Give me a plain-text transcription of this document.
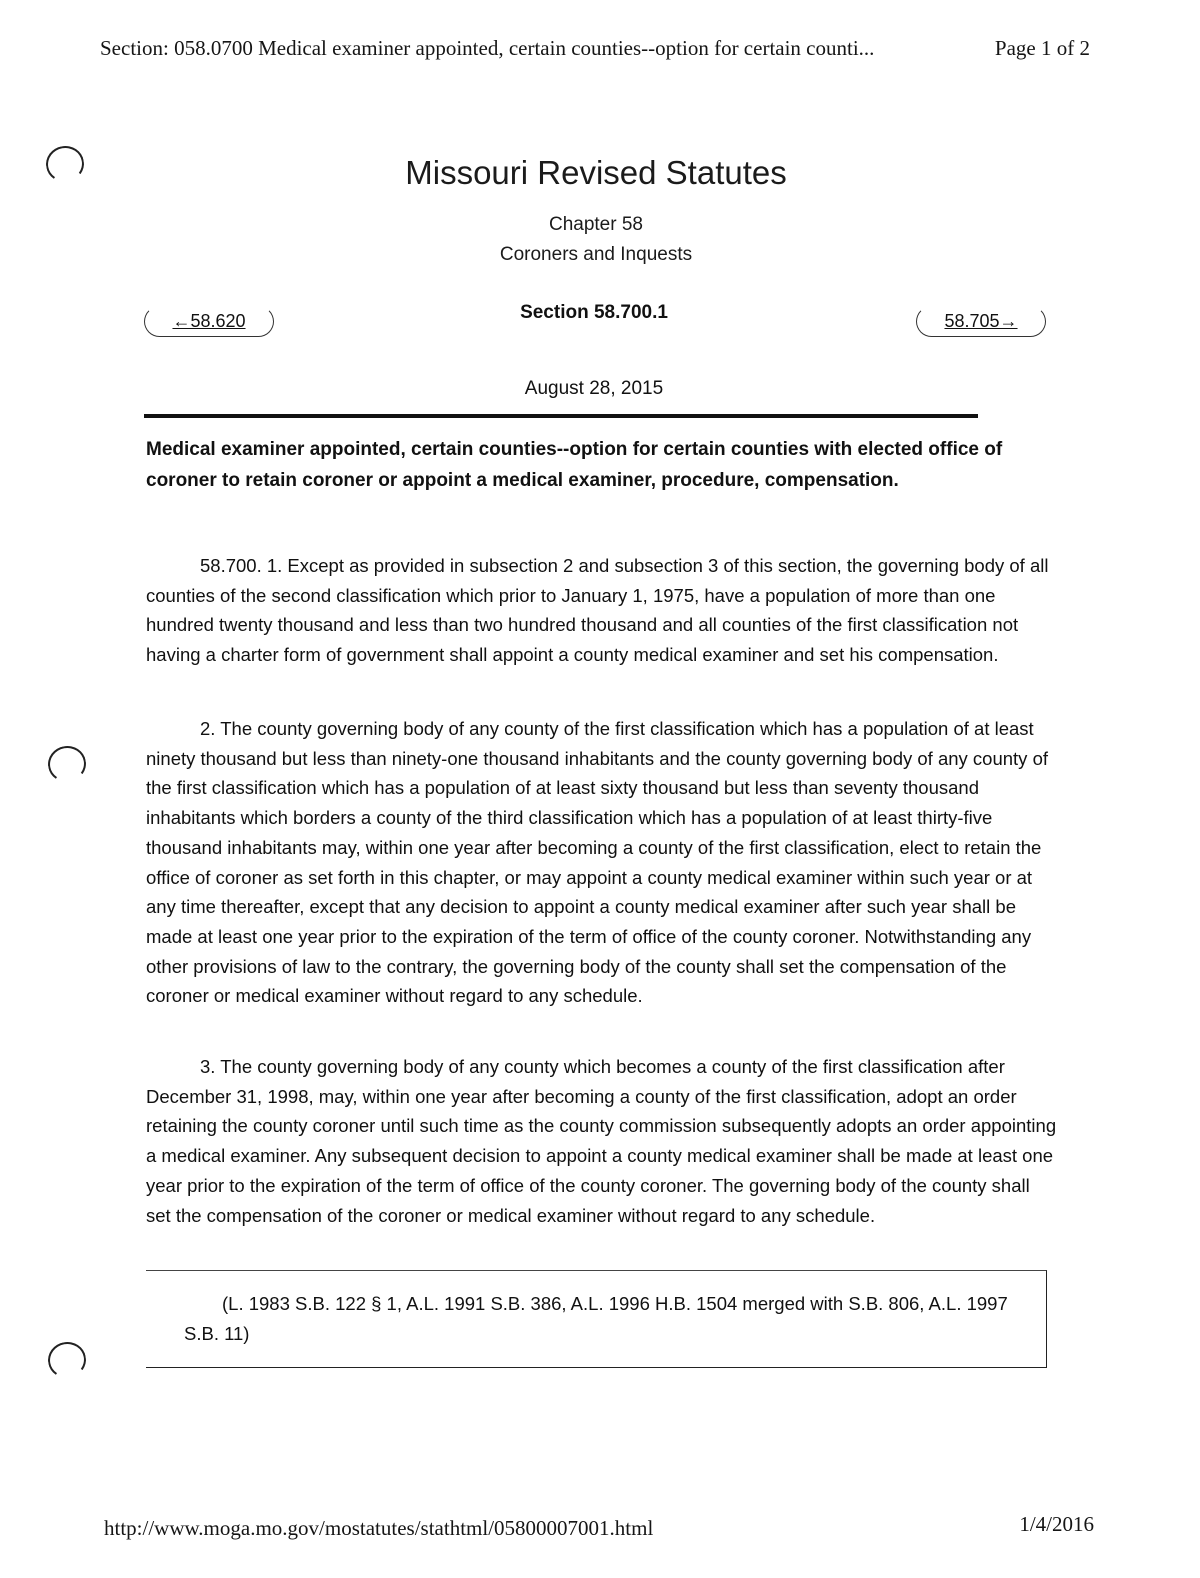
Section: 058.0700 Medical examiner appointed, certain counties--option for certain counti...	Page 1 of 2
Missouri Revised Statutes
Chapter 58
Coroners and Inquests
←58.620	Section 58.700.1	58.705→
August 28, 2015
Medical examiner appointed, certain counties--option for certain counties with elected office of coroner to retain coroner or appoint a medical examiner, procedure, compensation.

58.700. 1. Except as provided in subsection 2 and subsection 3 of this section, the governing body of all counties of the second classification which prior to January 1, 1975, have a population of more than one hundred twenty thousand and less than two hundred thousand and all counties of the first classification not having a charter form of government shall appoint a county medical examiner and set his compensation.

2. The county governing body of any county of the first classification which has a population of at least ninety thousand but less than ninety-one thousand inhabitants and the county governing body of any county of the first classification which has a population of at least sixty thousand but less than seventy thousand inhabitants which borders a county of the third classification which has a population of at least thirty-five thousand inhabitants may, within one year after becoming a county of the first classification, elect to retain the office of coroner as set forth in this chapter, or may appoint a county medical examiner within such year or at any time thereafter, except that any decision to appoint a county medical examiner after such year shall be made at least one year prior to the expiration of the term of office of the county coroner. Notwithstanding any other provisions of law to the contrary, the governing body of the county shall set the compensation of the coroner or medical examiner without regard to any schedule.

3. The county governing body of any county which becomes a county of the first classification after December 31, 1998, may, within one year after becoming a county of the first classification, adopt an order retaining the county coroner until such time as the county commission subsequently adopts an order appointing a medical examiner. Any subsequent decision to appoint a county medical examiner shall be made at least one year prior to the expiration of the term of office of the county coroner. The governing body of the county shall set the compensation of the coroner or medical examiner without regard to any schedule.

(L. 1983 S.B. 122 § 1, A.L. 1991 S.B. 386, A.L. 1996 H.B. 1504 merged with S.B. 806, A.L. 1997 S.B. 11)
http://www.moga.mo.gov/mostatutes/stathtml/05800007001.html	1/4/2016
